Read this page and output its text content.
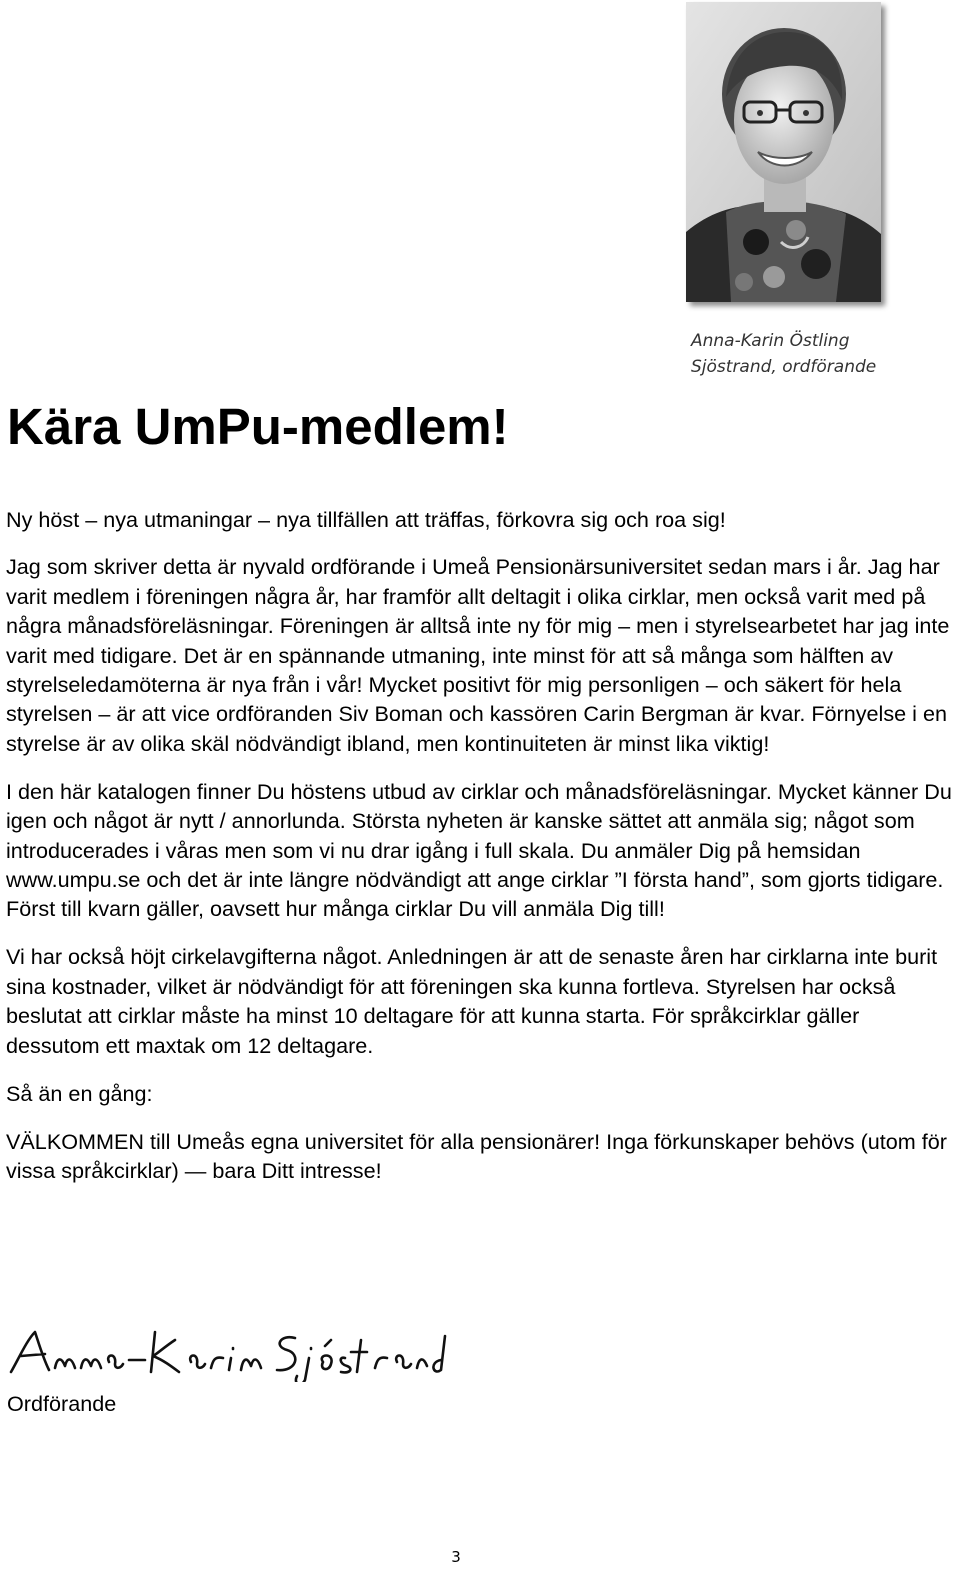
Anna-Karin Östling
Sjöstrand, ordförande
Kära UmPu-medlem!

Ny höst – nya utmaningar – nya tillfällen att träffas, förkovra sig och roa sig!

Jag som skriver detta är nyvald ordförande i Umeå Pensionärsuniversitet sedan mars i år. Jag har varit medlem i föreningen några år, har framför allt deltagit i olika cirklar, men också varit med på några månadsföreläsningar. Föreningen är alltså inte ny för mig – men i styrelsearbetet har jag inte varit med tidigare. Det är en spännande utmaning, inte minst för att så många som hälften av styrelseledamöterna är nya från i vår! Mycket positivt för mig personligen – och säkert för hela styrelsen – är att vice ordföranden Siv Boman och kassören Carin Bergman är kvar. Förnyelse i en styrelse är av olika skäl nödvändigt ibland, men kontinuiteten är minst lika viktig!

I den här katalogen finner Du höstens utbud av cirklar och månadsföreläsningar. Mycket känner Du igen och något är nytt / annorlunda. Största nyheten är kanske sättet att anmäla sig; något som introducerades i våras men som vi nu drar igång i full skala. Du anmäler Dig på hemsidan www.umpu.se och det är inte längre nödvändigt att ange cirklar ”I första hand”, som gjorts tidigare. Först till kvarn gäller, oavsett hur många cirklar Du vill anmäla Dig till!

Vi har också höjt cirkelavgifterna något. Anledningen är att de senaste åren har cirklarna inte burit sina kostnader, vilket är nödvändigt för att föreningen ska kunna fortleva. Styrelsen har också beslutat att cirklar måste ha minst 10 deltagare för att kunna starta. För språkcirklar gäller dessutom ett maxtak om 12 deltagare.

Så än en gång:

VÄLKOMMEN till Umeås egna universitet för alla pensionärer! Inga förkunskaper behövs (utom för vissa språkcirklar) — bara Ditt intresse!

Ordförande
3
